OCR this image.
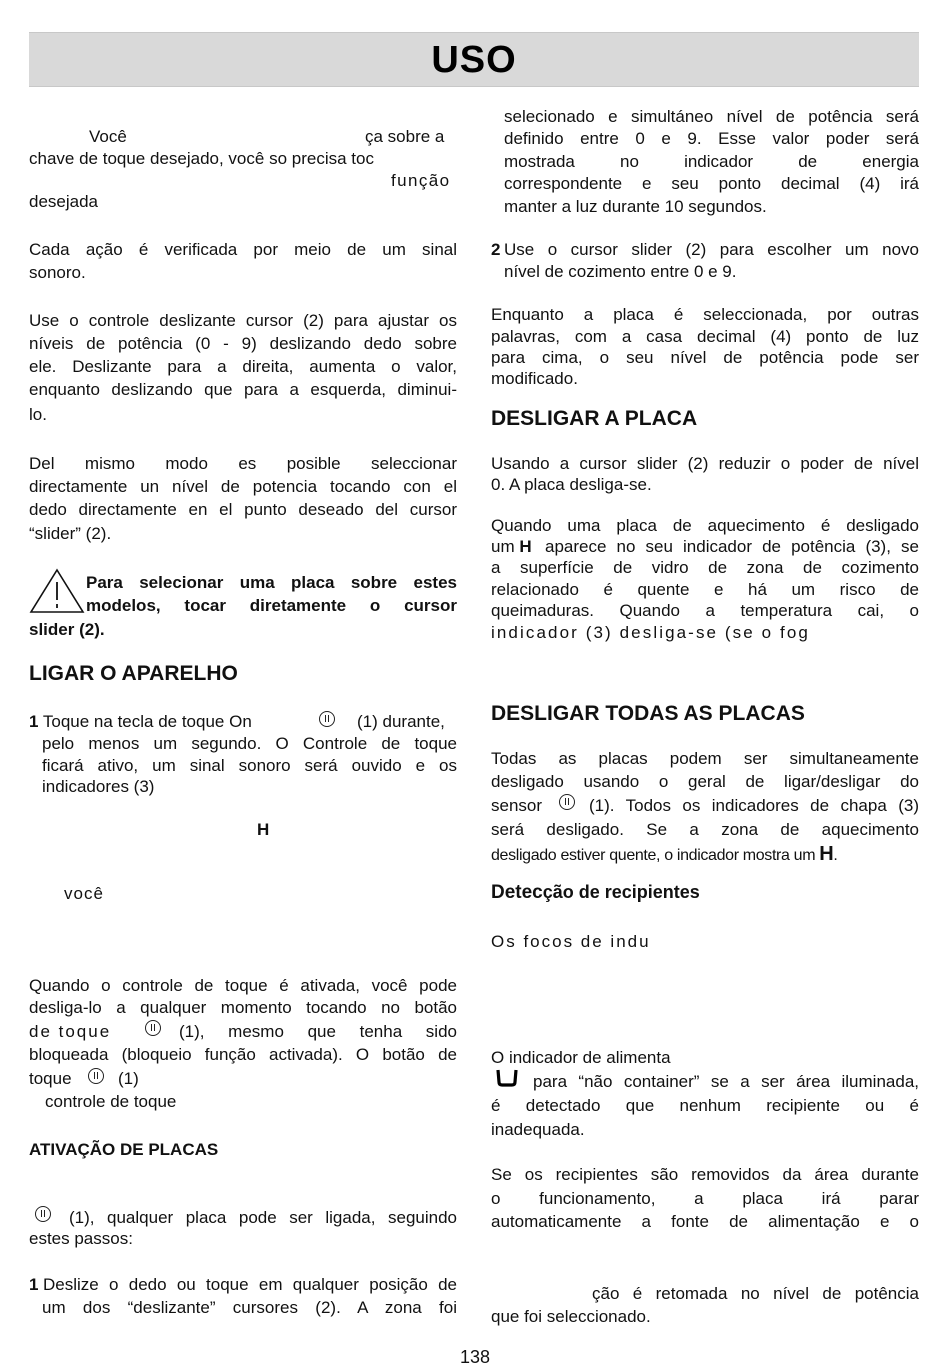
USO

Você	ça sobre a

chave de toque desejado, você so precisa toc

função

desejada

Cada ação é verificada por meio de um sinal

sonoro.

Use o controle deslizante cursor (2) para ajustar os

níveis de potência (0 - 9) deslizando dedo sobre

ele. Deslizante para a direita, aumenta o valor,

enquanto deslizando que para a esquerda, diminui-

lo.

Del mismo modo es posible seleccionar

directamente un nível de potencia tocando con el

dedo directamente en el punto deseado del cursor

“slider” (2).

Para selecionar uma placa sobre estes

modelos, tocar diretamente o cursor

slider (2).

LIGAR O APARELHO

1 Toque na tecla de toque On	(1) durante,

pelo menos um segundo. O Controle de toque

ficará ativo, um sinal sonoro será ouvido e os

indicadores (3)

H

você

Quando o controle de toque é ativada, você pode

desliga-lo a qualquer momento tocando no botão

de toque	(1), mesmo que tenha sido

bloqueada (bloqueio função activada). O botão de

toque	(1)

controle de toque

ATIVAÇÃO DE PLACAS

(1), qualquer placa pode ser ligada, seguindo

estes passos:

1 Deslize o dedo ou toque em qualquer posição de

um dos “deslizante” cursores (2). A zona foi

selecionado e simultáneo nível de potência será

definido entre 0 e 9. Esse valor poder será

mostrada no indicador de energia

correspondente e seu ponto decimal (4) irá

manter a luz durante 10 segundos.

2 Use o cursor slider (2) para escolher um novo

nível de cozimento entre 0 e 9.

Enquanto a placa é seleccionada, por outras

palavras, com a casa decimal (4) ponto de luz

para cima, o seu nível de potência pode ser

modificado.

DESLIGAR A PLACA

Usando a cursor slider (2) reduzir o poder de nível

0. A placa desliga-se.

Quando uma placa de aquecimento é desligado

um H aparece no seu indicador de potência (3), se

a superfície de vidro de zona de cozimento

relacionado é quente e há um risco de

queimaduras. Quando a temperatura cai, o

indicador (3) desliga-se (se o fog

DESLIGAR TODAS AS PLACAS

Todas as placas podem ser simultaneamente

desligado usando o geral de ligar/desligar do

sensor	(1). Todos os indicadores de chapa (3)

será desligado. Se a zona de aquecimento

desligado estiver quente, o indicador mostra um H.

Detecção de recipientes

Os focos de indu

O indicador de alimenta

para “não container” se a ser área iluminada,

é detectado que nenhum recipiente ou é

inadequada.

Se os recipientes são removidos da área durante

o funcionamento, a placa irá parar

automaticamente a fonte de alimentação e o

ção é retomada no nível de potência

que foi seleccionado.

138
